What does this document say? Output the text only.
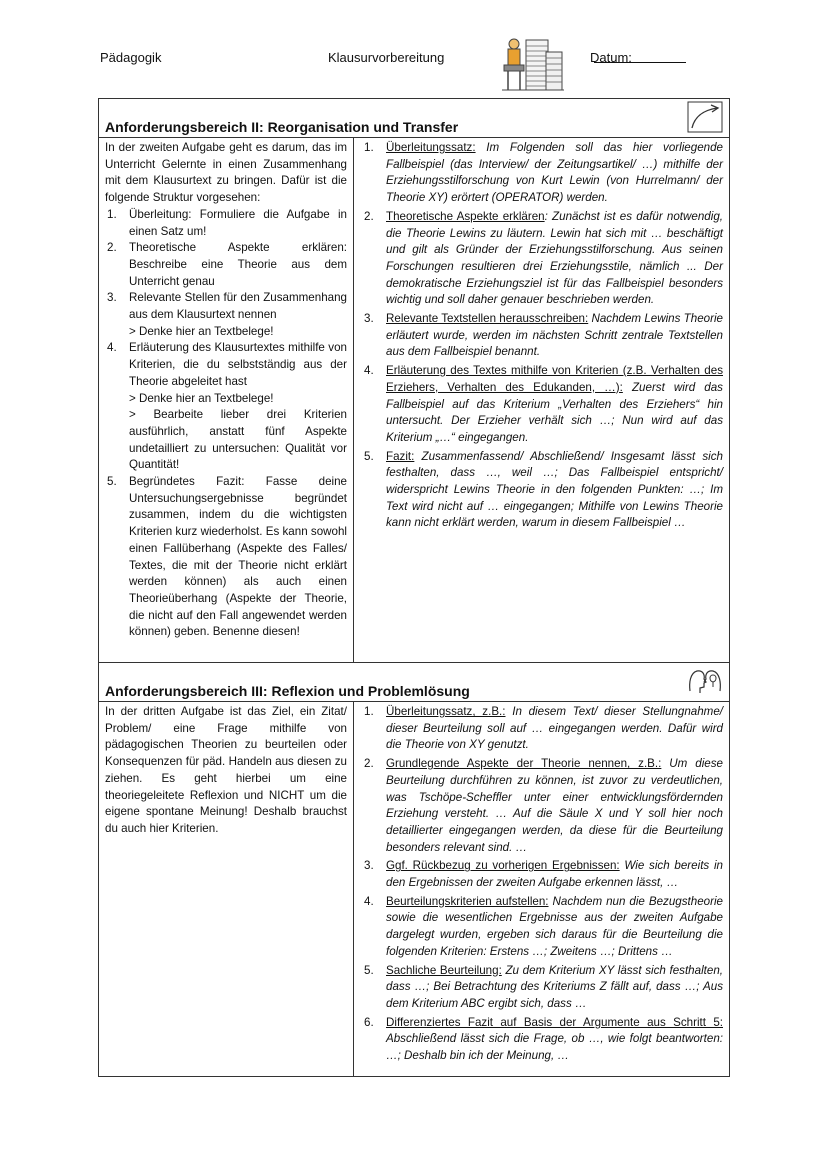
Pädagogik	Klausurvorbereitung	Datum:
Anforderungsbereich II: Reorganisation und Transfer

In der zweiten Aufgabe geht es darum, das im Unterricht Gelernte in einen Zusammenhang mit dem Klausurtext zu bringen. Dafür ist die folgende Struktur vorgesehen:

1. Überleitung: Formuliere die Aufgabe in einen Satz um!
2. Theoretische Aspekte erklären: Beschreibe eine Theorie aus dem Unterricht genau
3. Relevante Stellen für den Zusammenhang aus dem Klausurtext nennen
> Denke hier an Textbelege!
4. Erläuterung des Klausurtextes mithilfe von Kriterien, die du selbstständig aus der Theorie abgeleitet hast
> Denke hier an Textbelege!
> Bearbeite lieber drei Kriterien ausführlich, anstatt fünf Aspekte undetailliert zu untersuchen: Qualität vor Quantität!
5. Begründetes Fazit: Fasse deine Untersuchungsergebnisse begründet zusammen, indem du die wichtigsten Kriterien kurz wiederholst. Es kann sowohl einen Fallüberhang (Aspekte des Falles/ Textes, die mit der Theorie nicht erklärt werden können) als auch einen Theorieüberhang (Aspekte der Theorie, die nicht auf den Fall angewendet werden können) geben. Benenne diesen!
1. Überleitungssatz: Im Folgenden soll das hier vorliegende Fallbeispiel (das Interview/ der Zeitungsartikel/ …) mithilfe der Erziehungsstilforschung von Kurt Lewin (von Hurrelmann/ der Theorie XY) erörtert (OPERATOR) werden.
2. Theoretische Aspekte erklären: Zunächst ist es dafür notwendig, die Theorie Lewins zu läutern. Lewin hat sich mit … beschäftigt und gilt als Gründer der Erziehungsstilforschung. Aus seinen Forschungen resultieren drei Erziehungsstile, nämlich ... Der demokratische Erziehungsziel ist für das Fallbeispiel besonders wichtig und soll daher genauer beschrieben werden.
3. Relevante Textstellen herausschreiben: Nachdem Lewins Theorie erläutert wurde, werden im nächsten Schritt zentrale Textstellen aus dem Fallbeispiel benannt.
4. Erläuterung des Textes mithilfe von Kriterien (z.B. Verhalten des Erziehers, Verhalten des Edukanden, …): Zuerst wird das Fallbeispiel auf das Kriterium „Verhalten des Erziehers“ hin untersucht. Der Erzieher verhält sich …; Nun wird auf das Kriterium „…“ eingegangen.
5. Fazit: Zusammenfassend/ Abschließend/ Insgesamt lässt sich festhalten, dass …, weil …; Das Fallbeispiel entspricht/ widerspricht Lewins Theorie in den folgenden Punkten: …; Im Text wird nicht auf … eingegangen; Mithilfe von Lewins Theorie kann nicht erklärt werden, warum in diesem Fallbeispiel …
Anforderungsbereich III: Reflexion und Problemlösung

In der dritten Aufgabe ist das Ziel, ein Zitat/ Problem/ eine Frage mithilfe von pädagogischen Theorien zu beurteilen oder Konsequenzen für päd. Handeln aus diesen zu ziehen. Es geht hierbei um eine theoriegeleitete Reflexion und NICHT um die eigene spontane Meinung! Deshalb brauchst du auch hier Kriterien.

1. Überleitungssatz, z.B.: In diesem Text/ dieser Stellungnahme/ dieser Beurteilung soll auf … eingegangen werden. Dafür wird die Theorie von XY genutzt.
2. Grundlegende Aspekte der Theorie nennen, z.B.: Um diese Beurteilung durchführen zu können, ist zuvor zu verdeutlichen, was Tschöpe-Scheffler unter einer entwicklungsfördernden Erziehung versteht. … Auf die Säule X und Y soll hier noch detaillierter eingegangen werden, da diese für die Beurteilung besonders relevant sind. …
3. Ggf. Rückbezug zu vorherigen Ergebnissen: Wie sich bereits in den Ergebnissen der zweiten Aufgabe erkennen lässt, …
4. Beurteilungskriterien aufstellen: Nachdem nun die Bezugstheorie sowie die wesentlichen Ergebnisse aus der zweiten Aufgabe dargelegt wurden, ergeben sich daraus für die Beurteilung die folgenden Kriterien: Erstens …; Zweitens …; Drittens …
5. Sachliche Beurteilung: Zu dem Kriterium XY lässt sich festhalten, dass …; Bei Betrachtung des Kriteriums Z fällt auf, dass …; Aus dem Kriterium ABC ergibt sich, dass …
6. Differenziertes Fazit auf Basis der Argumente aus Schritt 5: Abschließend lässt sich die Frage, ob …, wie folgt beantworten: …; Deshalb bin ich der Meinung, …
